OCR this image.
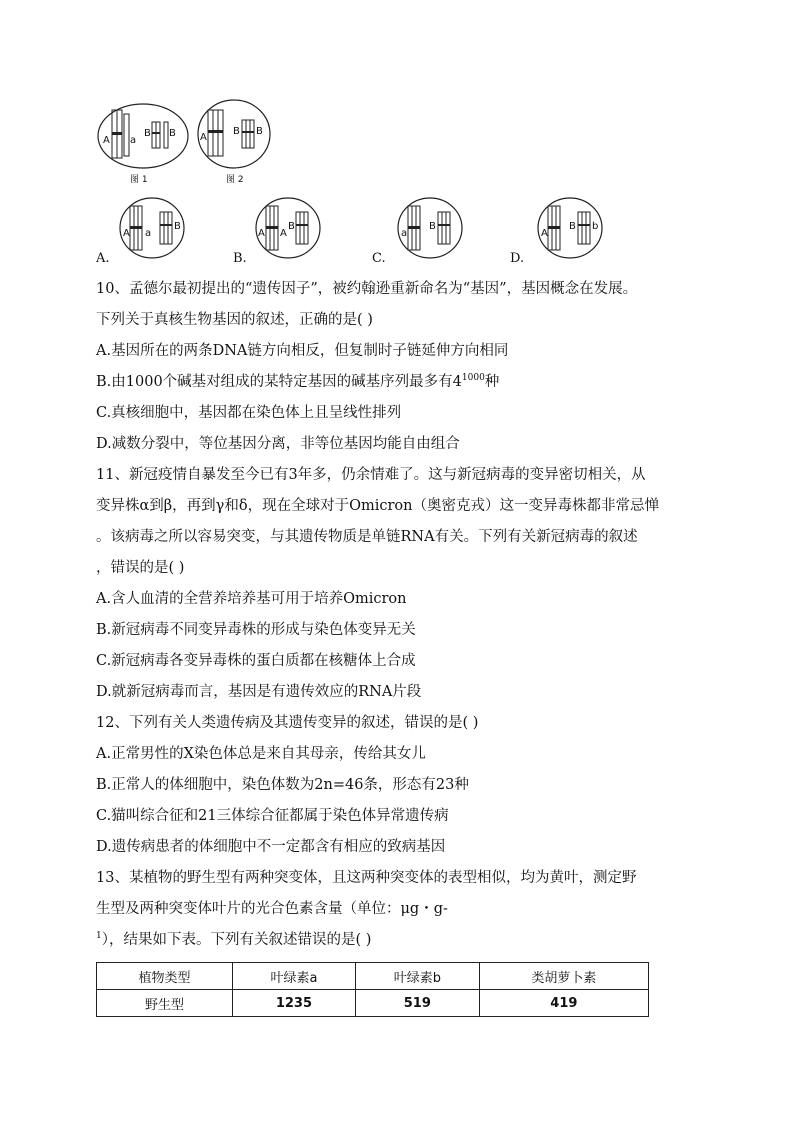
A a
B B
图 1
A
B B
图 2
A a
B
A.
A A
B
B.
a
B
C.
A
B b
D.
10、孟德尔最初提出的“遗传因子”，被约翰逊重新命名为“基因”，基因概念在发展。
下列关于真核生物基因的叙述，正确的是( )
A.基因所在的两条DNA链方向相反，但复制时子链延伸方向相同
B.由1000个碱基对组成的某特定基因的碱基序列最多有$4^{1000}$种
C.真核细胞中，基因都在染色体上且呈线性排列
D.减数分裂中，等位基因分离，非等位基因均能自由组合
11、新冠疫情自暴发至今已有3年多，仍余情难了。这与新冠病毒的变异密切相关，从
变异株α到β，再到γ和δ，现在全球对于Omicron（奥密克戎）这一变异毒株都非常忌惮
。该病毒之所以容易突变，与其遗传物质是单链RNA有关。下列有关新冠病毒的叙述
，错误的是( )
A.含人血清的全营养培养基可用于培养Omicron
B.新冠病毒不同变异毒株的形成与染色体变异无关
C.新冠病毒各变异毒株的蛋白质都在核糖体上合成
D.就新冠病毒而言，基因是有遗传效应的RNA片段
12、下列有关人类遗传病及其遗传变异的叙述，错误的是( )
A.正常男性的X染色体总是来自其母亲，传给其女儿
B.正常人的体细胞中，染色体数为2n=46条，形态有23种
C.猫叫综合征和21三体综合征都属于染色体异常遗传病
D.遗传病患者的体细胞中不一定都含有相应的致病基因
13、某植物的野生型有两种突变体，且这两种突变体的表型相似，均为黄叶，测定野
生型及两种突变体叶片的光合色素含量（单位：μg・g-
$^1$），结果如下表。下列有关叙述错误的是( )
植物类型	叶绿素a	叶绿素b	类胡萝卜素
野生型	1235	519	419
